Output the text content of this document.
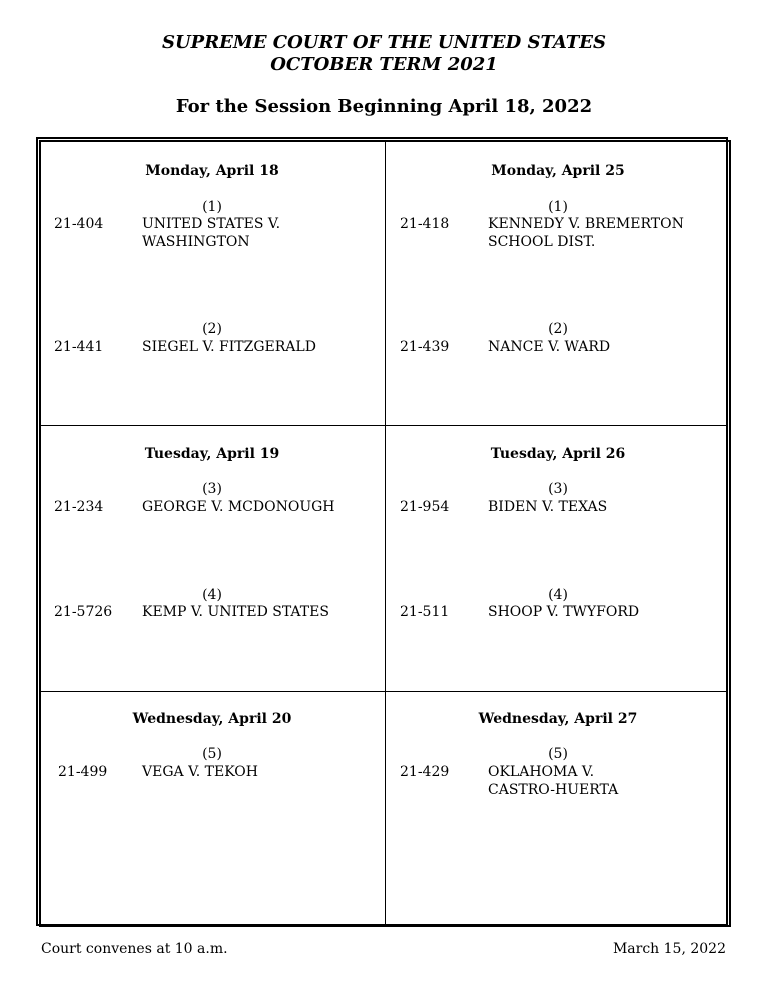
SUPREME COURT OF THE UNITED STATES
OCTOBER TERM 2021
For the Session Beginning April 18, 2022
Monday, April 18
(1)
21-404	UNITED STATES V.
WASHINGTON
(2)
21-441	SIEGEL V. FITZGERALD
Monday, April 25
(1)
21-418	KENNEDY V. BREMERTON
SCHOOL DIST.
(2)
21-439	NANCE V. WARD
Tuesday, April 19
(3)
21-234	GEORGE V. MCDONOUGH
(4)
21-5726 KEMP V. UNITED STATES
Tuesday, April 26
(3)
21-954	BIDEN V. TEXAS
(4)
21-511	SHOOP V. TWYFORD
Wednesday, April 20
(5)
21-499 VEGA V. TEKOH
Wednesday, April 27
(5)
21-429	OKLAHOMA V.
CASTRO-HUERTA
Court convenes at 10 a.m.	March 15, 2022
